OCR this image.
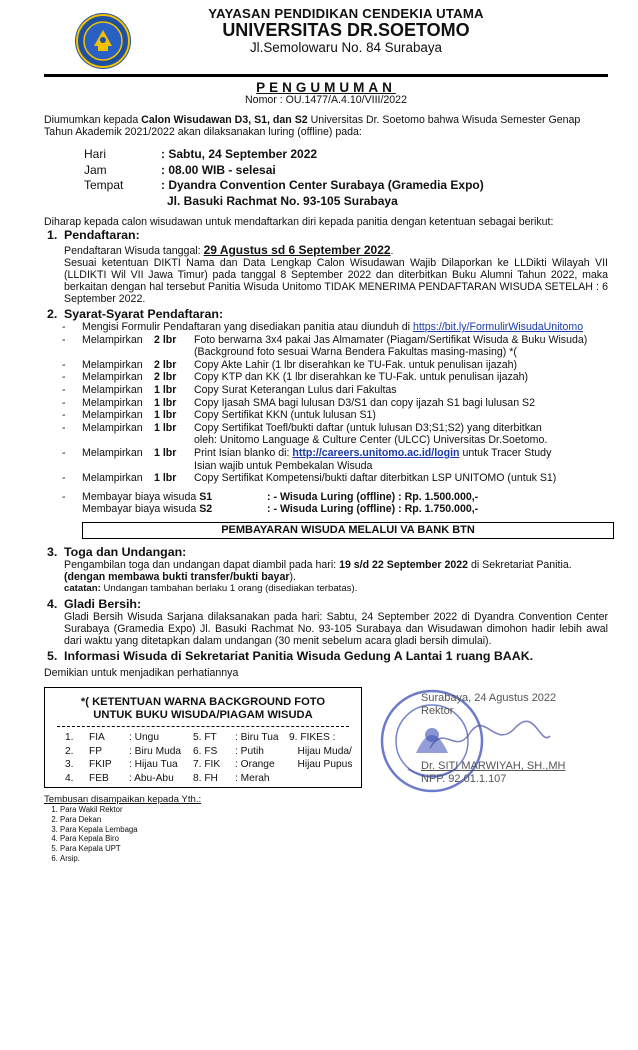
YAYASAN PENDIDIKAN CENDEKIA UTAMA
UNIVERSITAS DR.SOETOMO
Jl.Semolowaru No. 84 Surabaya
PENGUMUMAN
Nomor : OU.1477/A.4.10/VIII/2022

Diumumkan kepada Calon Wisudawan D3, S1, dan S2 Universitas Dr. Soetomo bahwa Wisuda Semester Genap Tahun Akademik 2021/2022 akan dilaksanakan luring (offline) pada:

Hari	: Sabtu, 24 September 2022
Jam	: 08.00 WIB - selesai
Tempat	: Dyandra Convention Center Surabaya (Gramedia Expo)
	Jl. Basuki Rachmat No. 93-105 Surabaya

Diharap kepada calon wisudawan untuk mendaftarkan diri kepada panitia dengan ketentuan sebagai berikut:

1. Pendaftaran:

Pendaftaran Wisuda tanggal: 29 Agustus sd 6 September 2022.

Sesuai ketentuan DIKTI Nama dan Data Lengkap Calon Wisudawan Wajib Dilaporkan ke LLDikti Wilayah VII (LLDIKTI Wil VII Jawa Timur) pada tanggal 8 September 2022 dan diterbitkan Buku Alumni Tahun 2022, maka berkaitan dengan hal tersebut Panitia Wisuda Unitomo TIDAK MENERIMA PENDAFTARAN WISUDA SETELAH : 6 September 2022.

2. Syarat-Syarat Pendaftaran:
-	Mengisi Formulir Pendaftaran yang disediakan panitia atau diunduh di https://bit.ly/FormulirWisudaUnitomo
-	Melampirkan	2 lbr	Foto berwarna 3x4 pakai Jas Almamater (Piagam/Sertifikat Wisuda & Buku Wisuda)
(Background foto sesuai Warna Bendera Fakultas masing-masing) *(
-	Melampirkan	2 lbr	Copy Akte Lahir (1 lbr diserahkan ke TU-Fak. untuk penulisan ijazah)
-	Melampirkan	2 lbr	Copy KTP dan KK (1 lbr diserahkan ke TU-Fak. untuk penulisan ijazah)
-	Melampirkan	1 lbr	Copy Surat Keterangan Lulus dari Fakultas
-	Melampirkan	1 lbr	Copy Ijasah SMA bagi lulusan D3/S1 dan copy ijazah S1 bagi lulusan S2
-	Melampirkan	1 lbr	Copy Sertifikat KKN (untuk lulusan S1)
-	Melampirkan	1 lbr	Copy Sertifikat Toefl/bukti daftar (untuk lulusan D3;S1;S2) yang diterbitkan
oleh: Unitomo Language & Culture Center (ULCC) Universitas Dr.Soetomo.
-	Melampirkan	1 lbr	Print Isian blanko di: http://careers.unitomo.ac.id/login untuk Tracer Study
Isian wajib untuk Pembekalan Wisuda
-	Melampirkan	1 lbr	Copy Sertifikat Kompetensi/bukti daftar diterbitkan LSP UNITOMO (untuk S1)
-	Membayar biaya wisuda S1	: - Wisuda Luring (offline) : Rp. 1.500.000,-
Membayar biaya wisuda S2	: - Wisuda Luring (offline) : Rp. 1.750.000,-
PEMBAYARAN WISUDA MELALUI VA BANK BTN
3. Toga dan Undangan:

Pengambilan toga dan undangan dapat diambil pada hari: 19 s/d 22 September 2022 di Sekretariat Panitia.

(dengan membawa bukti transfer/bukti bayar).

catatan: Undangan tambahan berlaku 1 orang (disediakan terbatas).

4. Gladi Bersih:

Gladi Bersih Wisuda Sarjana dilaksanakan pada hari: Sabtu, 24 September 2022 di Dyandra Convention Center Surabaya (Gramedia Expo) Jl. Basuki Rachmat No. 93-105 Surabaya dan Wisudawan dimohon hadir lebih awal dari waktu yang ditetapkan dalam undangan (30 menit sebelum acara gladi bersih dimulai).

5. Informasi Wisuda di Sekretariat Panitia Wisuda Gedung A Lantai 1 ruang BAAK.

Demikian untuk menjadikan perhatiannya

*( KETENTUAN WARNA BACKGROUND FOTO
UNTUK BUKU WISUDA/PIAGAM WISUDA
1.	FIA	: Ungu	5. FT	: Biru Tua	9. FIKES :
2.	FP	: Biru Muda	6. FS	: Putih	Hijau Muda/
3.	FKIP	: Hijau Tua	7. FIK	: Orange	Hijau Pupus
4.	FEB	: Abu-Abu	8. FH	: Merah	
Surabaya, 24 Agustus 2022
Rektor
Dr. SITI MARWIYAH, SH.,MH
NPP. 92.01.1.107
Tembusan disampaikan kepada Yth.:
1. Para Wakil Rektor
2. Para Dekan
3. Para Kepala Lembaga
4. Para Kepala Biro
5. Para Kepala UPT
6. Arsip.
